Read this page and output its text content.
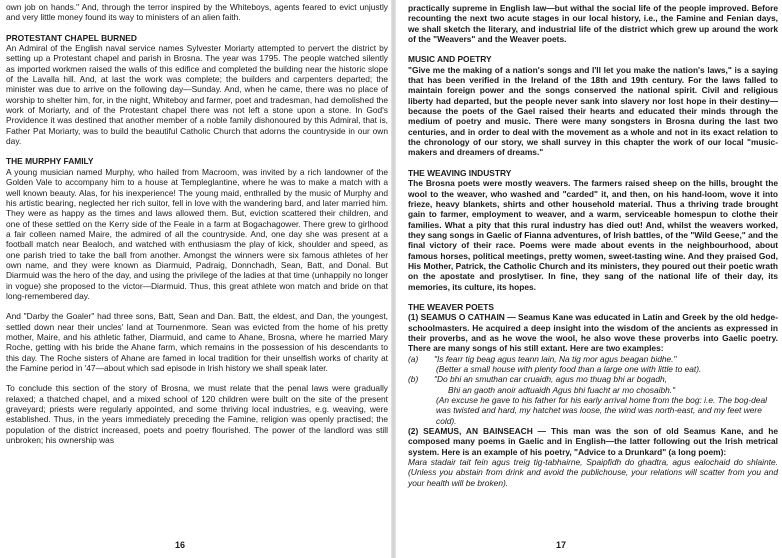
own job on hands." And, through the terror inspired by the Whiteboys, agents feared to evict unjustly and very little money found its way to ministers of an alien faith.

PROTESTANT CHAPEL BURNED

An Admiral of the English naval service names Sylvester Moriarty attempted to pervert the district by setting up a Protestant chapel and parish in Brosna. The year was 1795. The people watched silently as imported workmen raised the walls of this edifice and completed the building near the historic slope of the Lavalla hill. And, at last the work was complete; the builders and carpenters departed; the minister was due to arrive on the following day—Sunday. And, when he came, there was no place of worship to shelter him, for, in the night, Whiteboy and farmer, poet and tradesman, had demolished the work of Moriarty, and of the Protestant chapel there was not left a stone upon a stone. In God's Providence it was destined that another member of a noble family dishonoured by this Admiral, that is, Father Pat Moriarty, was to build the beautiful Catholic Church that adorns the countryside in our own day.

THE MURPHY FAMILY

A young musician named Murphy, who hailed from Macroom, was invited by a rich landowner of the Golden Vale to accompany him to a house at Templeglantine, where he was to make a match with a well known beauty. Alas, for his inexperience! The young maid, enthralled by the music of Murphy and his artistic bearing, neglected her rich suitor, fell in love with the wandering bard, and later married him. They were as happy as the times and laws allowed them. But, eviction scattered their children, and one of these settled on the Kerry side of the Feale in a farm at Bogachagower. There grew to girlhood a fair colleen named Maire, the admired of all the countryside. And, one day she was present at a football match near Bealoch, and watched with enthusiasm the play of kick, shoulder and speed, as one parish tried to take the ball from another. Amongst the winners were six famous athletes of her own name, and they were known as Diarmuid, Padraig, Donnchadh, Sean, Batt, and Donal. But Diarmuid was the hero of the day, and using the privilege of the ladies at that time (unhappily no longer in vogue) she proposed to the victor—Diarmuid. Thus, this great athlete won match and bride on that long-remembered day.

And "Darby the Goaler" had three sons, Batt, Sean and Dan. Batt, the eldest, and Dan, the youngest, settled down near their uncles' land at Tournenmore. Sean was evicted from the home of his pretty mother, Maire, and his athletic father, Diarmuid, and came to Ahane, Brosna, where he married Mary Roche, getting with his bride the Ahane farm, which remains in the possession of his descendants to this day. The Roche sisters of Ahane are famed in local tradition for their unselfish works of charity at the Famine period in '47—about which sad episode in Irish history we shall speak later.

To conclude this section of the story of Brosna, we must relate that the penal laws were gradually relaxed; a thatched chapel, and a mixed school of 120 children were built on the site of the present graveyard; priests were regularly appointed, and some thriving local industries, e.g. weaving, were established. Thus, in the years immediately preceding the Famine, religion was openly practised; the population of the district increased, poets and poetry flourished. The power of the landlord was still unbroken; his ownership was

16

practically supreme in English law—but withal the social life of the people improved. Before recounting the next two acute stages in our local history, i.e., the Famine and Fenian days, we shall sketch the literary, and industrial life of the district which grew up around the work of the "Weavers" and the Weaver poets.

MUSIC AND POETRY

"Give me the making of a nation's songs and I'll let you make the nation's laws," is a saying that has been verified in the Ireland of the 18th and 19th century. For the laws falled to maintain foreign power and the songs conserved the national spirit. Civil and religious liberty had departed, but the people never sank into slavery nor lost hope in their destiny—because the poets of the Gael raised their hearts and educated their minds through the medium of poetry and music. There were many songsters in Brosna during the last two centuries, and in order to deal with the movement as a whole and not in its exact relation to the chronology of our story, we shall survey in this chapter the work of our local "music-makers and dreamers of dreams."

THE WEAVING INDUSTRY

The Brosna poets were mostly weavers. The farmers raised sheep on the hills, brought the wool to the weaver, who washed and "carded" it, and then, on his hand-loom, wove it into frieze, heavy blankets, shirts and other household material. Thus a thriving trade brought gain to farmer, employment to weaver, and a warm, serviceable homespun to clothe their families. What a pity that this rural industry has died out! And, whilst the weavers worked, they sang songs in Gaelic of Fianna adventures, of Irish battles, of the "Wild Geese," and the final victory of their race. Poems were made about events in the neighbourhood, about famous horses, political meetings, pretty women, sweet-tasting wine. And they praised God, His Mother, Patrick, the Catholic Church and its ministers, they poured out their poetic wrath on the apostate and proslytiser. In fine, they sang of the national life of their day, its memories, its culture, its hopes.

THE WEAVER POETS

(1) SEAMUS O CATHAIN — Seamus Kane was educated in Latin and Greek by the old hedge-schoolmasters. He acquired a deep insight into the wisdom of the ancients as expressed in their proverbs, and as he wove the wool, he also wove these proverbs into Gaelic poetry. There are many songs of his still extant. Here are two examples:

(a)	"Is fearr tig beag agus teann lain, Na tig mor agus beagan bidhe."
(Better a small house with plenty food than a large one with little to eat).
(b)	"Do bhi an smuthan car cruaidh, agus mo thuag bhi ar bogadh,
Bhi an gaoth anoir adtuaidh Agus bhi fuacht ar mo chosaibh."
(An excuse he gave to his father for his early arrival home from the bog: i.e. The bog-deal was twisted and hard, my hatchet was loose, the wind was north-east, and my feet were cold).

(2) SEAMUS, AN BAINSEACH — This man was the son of old Seamus Kane, and he composed many poems in Gaelic and in English—the latter following out the Irish metrical system. Here is an example of his poetry, "Advice to a Drunkard" (a long poem):

Mara stadair tait fein agus treig tig-tabhairne, Spaipfidh do ghadtra, agus ealochaid do shlainte. (Unless you abstain from drink and avoid the publichouse, your relations will scatter from you and your health will be broken).

17
